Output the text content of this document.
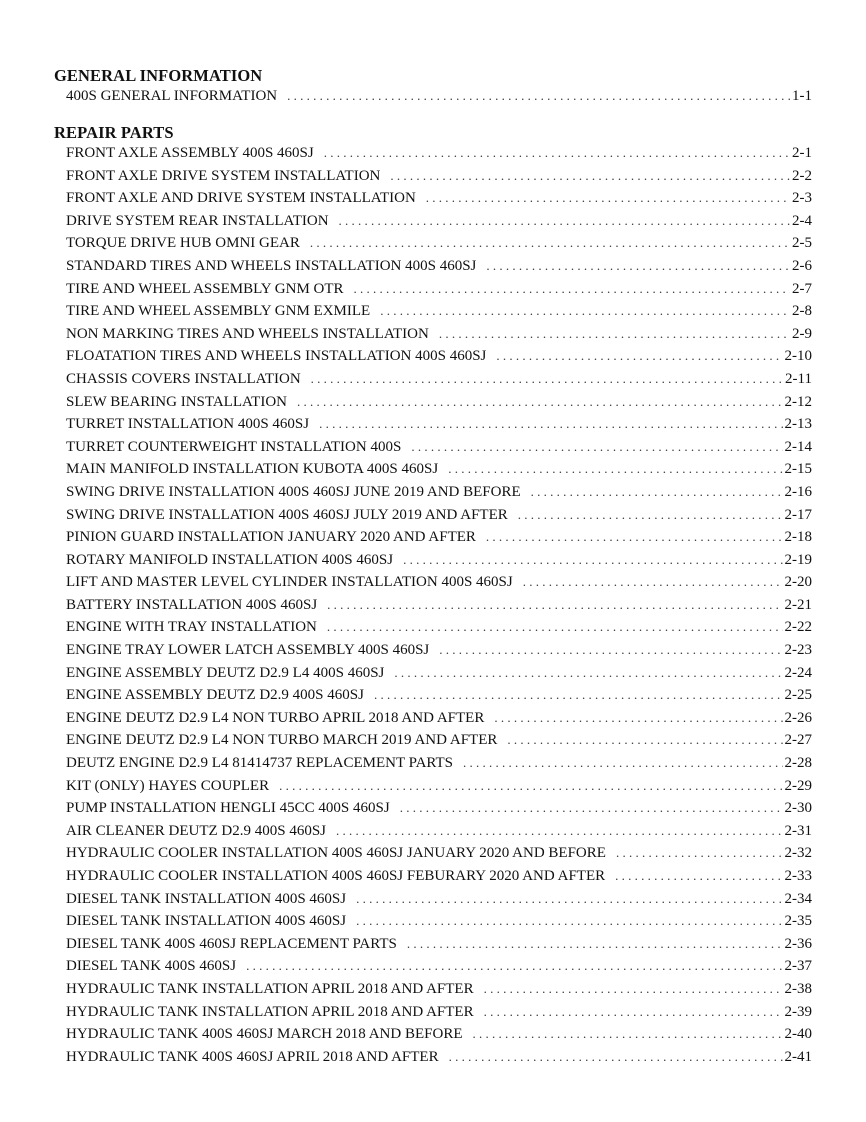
GENERAL INFORMATION
400S GENERAL INFORMATION . . .	1-1
REPAIR PARTS
FRONT AXLE ASSEMBLY 400S 460SJ . . .	2-1
FRONT AXLE DRIVE SYSTEM INSTALLATION . . .	2-2
FRONT AXLE AND DRIVE SYSTEM INSTALLATION . . .	2-3
DRIVE SYSTEM REAR INSTALLATION . . .	2-4
TORQUE DRIVE HUB OMNI GEAR . . .	2-5
STANDARD TIRES AND WHEELS INSTALLATION 400S 460SJ . . .	2-6
TIRE AND WHEEL ASSEMBLY GNM OTR . . .	2-7
TIRE AND WHEEL ASSEMBLY GNM EXMILE . . .	2-8
NON MARKING TIRES AND WHEELS INSTALLATION . . .	2-9
FLOATATION TIRES AND WHEELS INSTALLATION 400S 460SJ . . .	2-10
CHASSIS COVERS INSTALLATION . . .	2-11
SLEW BEARING INSTALLATION . . .	2-12
TURRET INSTALLATION 400S 460SJ . . .	2-13
TURRET COUNTERWEIGHT INSTALLATION 400S . . .	2-14
MAIN MANIFOLD INSTALLATION KUBOTA 400S 460SJ . . .	2-15
SWING DRIVE INSTALLATION 400S 460SJ JUNE 2019 AND BEFORE . . .	2-16
SWING DRIVE INSTALLATION 400S 460SJ JULY 2019 AND AFTER . . .	2-17
PINION GUARD INSTALLATION JANUARY 2020 AND AFTER . . .	2-18
ROTARY MANIFOLD INSTALLATION 400S 460SJ . . .	2-19
LIFT AND MASTER LEVEL CYLINDER INSTALLATION 400S 460SJ . . .	2-20
BATTERY INSTALLATION 400S 460SJ . . .	2-21
ENGINE WITH TRAY INSTALLATION . . .	2-22
ENGINE TRAY LOWER LATCH ASSEMBLY 400S 460SJ . . .	2-23
ENGINE ASSEMBLY DEUTZ D2.9 L4 400S 460SJ . . .	2-24
ENGINE ASSEMBLY DEUTZ D2.9 400S 460SJ . . .	2-25
ENGINE DEUTZ D2.9 L4 NON TURBO APRIL 2018 AND AFTER . . .	2-26
ENGINE DEUTZ D2.9 L4 NON TURBO MARCH 2019 AND AFTER . . .	2-27
DEUTZ ENGINE D2.9 L4 81414737 REPLACEMENT PARTS . . .	2-28
KIT (ONLY) HAYES COUPLER . . .	2-29
PUMP INSTALLATION HENGLI 45CC 400S 460SJ . . .	2-30
AIR CLEANER DEUTZ D2.9 400S 460SJ . . .	2-31
HYDRAULIC COOLER INSTALLATION 400S 460SJ JANUARY 2020 AND BEFORE . . .	2-32
HYDRAULIC COOLER INSTALLATION 400S 460SJ FEBURARY 2020 AND AFTER . . .	2-33
DIESEL TANK INSTALLATION 400S 460SJ . . .	2-34
DIESEL TANK INSTALLATION 400S 460SJ . . .	2-35
DIESEL TANK 400S 460SJ REPLACEMENT PARTS . . .	2-36
DIESEL TANK 400S 460SJ . . .	2-37
HYDRAULIC TANK INSTALLATION APRIL 2018 AND AFTER . . .	2-38
HYDRAULIC TANK INSTALLATION APRIL 2018 AND AFTER . . .	2-39
HYDRAULIC TANK 400S 460SJ MARCH 2018 AND BEFORE . . .	2-40
HYDRAULIC TANK 400S 460SJ APRIL 2018 AND AFTER . . .	2-41
